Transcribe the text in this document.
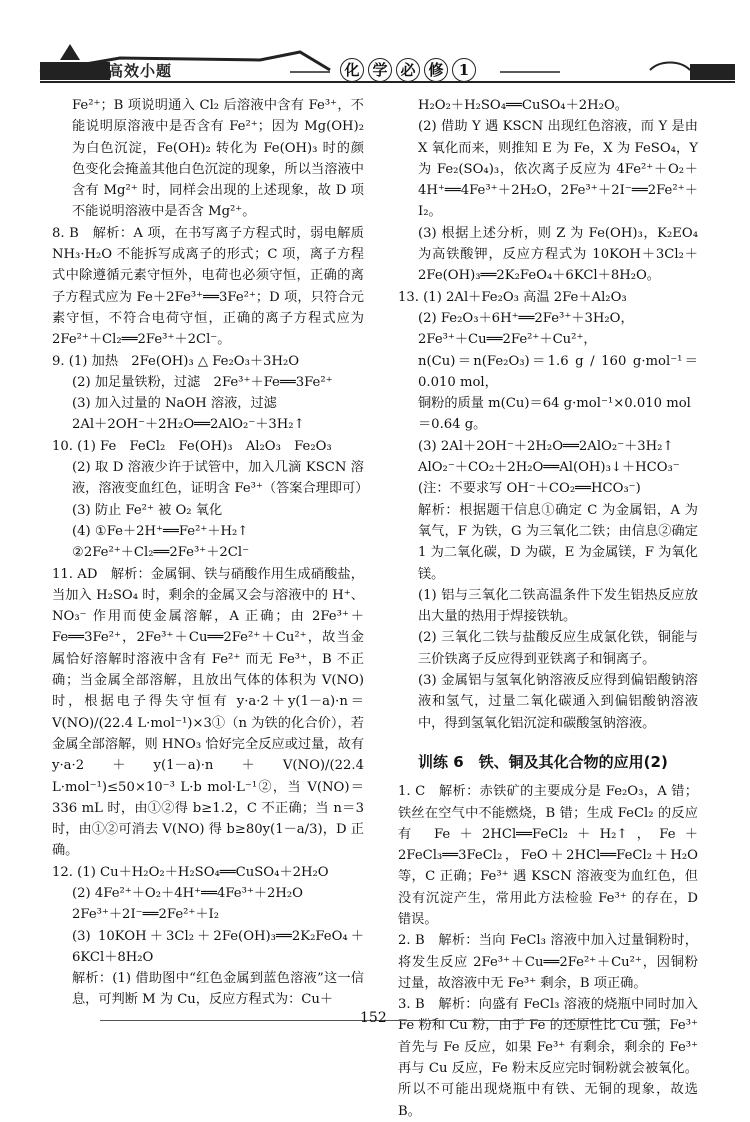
高效小题	化 学 必 修	1

Fe²⁺；B 项说明通入 Cl₂ 后溶液中含有 Fe³⁺，不能说明原溶液中是否含有 Fe²⁺；因为 Mg(OH)₂ 为白色沉淀，Fe(OH)₂ 转化为 Fe(OH)₃ 时的颜色变化会掩盖其他白色沉淀的现象，所以当溶液中含有 Mg²⁺ 时，同样会出现的上述现象，故 D 项不能说明溶液中是否含 Mg²⁺。

8. B　解析：A 项，在书写离子方程式时，弱电解质 NH₃·H₂O 不能拆写成离子的形式；C 项，离子方程式中除遵循元素守恒外，电荷也必须守恒，正确的离子方程式应为 Fe＋2Fe³⁺══3Fe²⁺；D 项，只符合元素守恒，不符合电荷守恒，正确的离子方程式应为 2Fe²⁺＋Cl₂══2Fe³⁺＋2Cl⁻。

9. (1) 加热　2Fe(OH)₃ △ Fe₂O₃＋3H₂O

(2) 加足量铁粉，过滤　2Fe³⁺＋Fe══3Fe²⁺

(3) 加入过量的 NaOH 溶液，过滤

2Al＋2OH⁻＋2H₂O══2AlO₂⁻＋3H₂↑

10. (1) Fe　FeCl₂　Fe(OH)₃　Al₂O₃　Fe₂O₃

(2) 取 D 溶液少许于试管中，加入几滴 KSCN 溶液，溶液变血红色，证明含 Fe³⁺（答案合理即可）

(3) 防止 Fe²⁺ 被 O₂ 氧化

(4) ①Fe＋2H⁺══Fe²⁺＋H₂↑

②2Fe²⁺＋Cl₂══2Fe³⁺＋2Cl⁻

11. AD　解析：金属铜、铁与硝酸作用生成硝酸盐，当加入 H₂SO₄ 时，剩余的金属又会与溶液中的 H⁺、NO₃⁻ 作用而使金属溶解，A 正确；由 2Fe³⁺＋Fe══3Fe²⁺，2Fe³⁺＋Cu══2Fe²⁺＋Cu²⁺，故当金属恰好溶解时溶液中含有 Fe²⁺ 而无 Fe³⁺，B 不正确；当金属全部溶解，且放出气体的体积为 V(NO) 时，根据电子得失守恒有 y·a·2＋y(1－a)·n＝V(NO)/(22.4 L·mol⁻¹)×3①（n 为铁的化合价），若金属全部溶解，则 HNO₃ 恰好完全反应或过量，故有 y·a·2＋y(1－a)·n＋V(NO)/(22.4 L·mol⁻¹)≤50×10⁻³ L·b mol·L⁻¹②，当 V(NO)＝336 mL 时，由①②得 b≥1.2，C 不正确；当 n＝3 时，由①②可消去 V(NO) 得 b≥80y(1－a/3)，D 正确。

12. (1) Cu＋H₂O₂＋H₂SO₄══CuSO₄＋2H₂O

(2) 4Fe²⁺＋O₂＋4H⁺══4Fe³⁺＋2H₂O

2Fe³⁺＋2I⁻══2Fe²⁺＋I₂

(3) 10KOH＋3Cl₂＋2Fe(OH)₃══2K₂FeO₄＋6KCl＋8H₂O

解析：(1) 借助图中“红色金属到蓝色溶液”这一信息，可判断 M 为 Cu，反应方程式为：Cu＋

H₂O₂＋H₂SO₄══CuSO₄＋2H₂O。

(2) 借助 Y 遇 KSCN 出现红色溶液，而 Y 是由 X 氧化而来，则推知 E 为 Fe，X 为 FeSO₄，Y 为 Fe₂(SO₄)₃，依次离子反应为 4Fe²⁺＋O₂＋4H⁺══4Fe³⁺＋2H₂O，2Fe³⁺＋2I⁻══2Fe²⁺＋I₂。

(3) 根据上述分析，则 Z 为 Fe(OH)₃，K₂EO₄ 为高铁酸钾，反应方程式为 10KOH＋3Cl₂＋2Fe(OH)₃══2K₂FeO₄＋6KCl＋8H₂O。

13. (1) 2Al＋Fe₂O₃ 高温 2Fe＋Al₂O₃

(2) Fe₂O₃＋6H⁺══2Fe³⁺＋3H₂O，

2Fe³⁺＋Cu══2Fe²⁺＋Cu²⁺，

n(Cu)＝n(Fe₂O₃)＝1.6 g / 160 g·mol⁻¹＝0.010 mol，

铜粉的质量 m(Cu)＝64 g·mol⁻¹×0.010 mol

＝0.64 g。

(3) 2Al＋2OH⁻＋2H₂O══2AlO₂⁻＋3H₂↑

AlO₂⁻＋CO₂＋2H₂O══Al(OH)₃↓＋HCO₃⁻

(注：不要求写 OH⁻＋CO₂══HCO₃⁻)

解析：根据题干信息①确定 C 为金属铝，A 为氧气，F 为铁，G 为三氧化二铁；由信息②确定 1 为二氧化碳，D 为碳，E 为金属镁，F 为氧化镁。

(1) 铝与三氧化二铁高温条件下发生铝热反应放出大量的热用于焊接铁轨。

(2) 三氧化二铁与盐酸反应生成氯化铁，铜能与三价铁离子反应得到亚铁离子和铜离子。

(3) 金属铝与氢氧化钠溶液反应得到偏铝酸钠溶液和氢气，过量二氧化碳通入到偏铝酸钠溶液中，得到氢氧化铝沉淀和碳酸氢钠溶液。

训练 6　铁、铜及其化合物的应用(2)

1. C　解析：赤铁矿的主要成分是 Fe₂O₃，A 错；铁丝在空气中不能燃烧，B 错；生成 FeCl₂ 的反应有 Fe＋2HCl══FeCl₂＋H₂↑，Fe＋2FeCl₃══3FeCl₂，FeO＋2HCl══FeCl₂＋H₂O 等，C 正确；Fe³⁺ 遇 KSCN 溶液变为血红色，但没有沉淀产生，常用此方法检验 Fe³⁺ 的存在，D 错误。

2. B　解析：当向 FeCl₃ 溶液中加入过量铜粉时，将发生反应 2Fe³⁺＋Cu══2Fe²⁺＋Cu²⁺，因铜粉过量，故溶液中无 Fe³⁺ 剩余，B 项正确。

3. B　解析：向盛有 FeCl₃ 溶液的烧瓶中同时加入 Fe 粉和 Cu 粉，由于 Fe 的还原性比 Cu 强，Fe³⁺ 首先与 Fe 反应，如果 Fe³⁺ 有剩余，剩余的 Fe³⁺ 再与 Cu 反应，Fe 粉末反应完时铜粉就会被氧化。所以不可能出现烧瓶中有铁、无铜的现象，故选 B。

152
